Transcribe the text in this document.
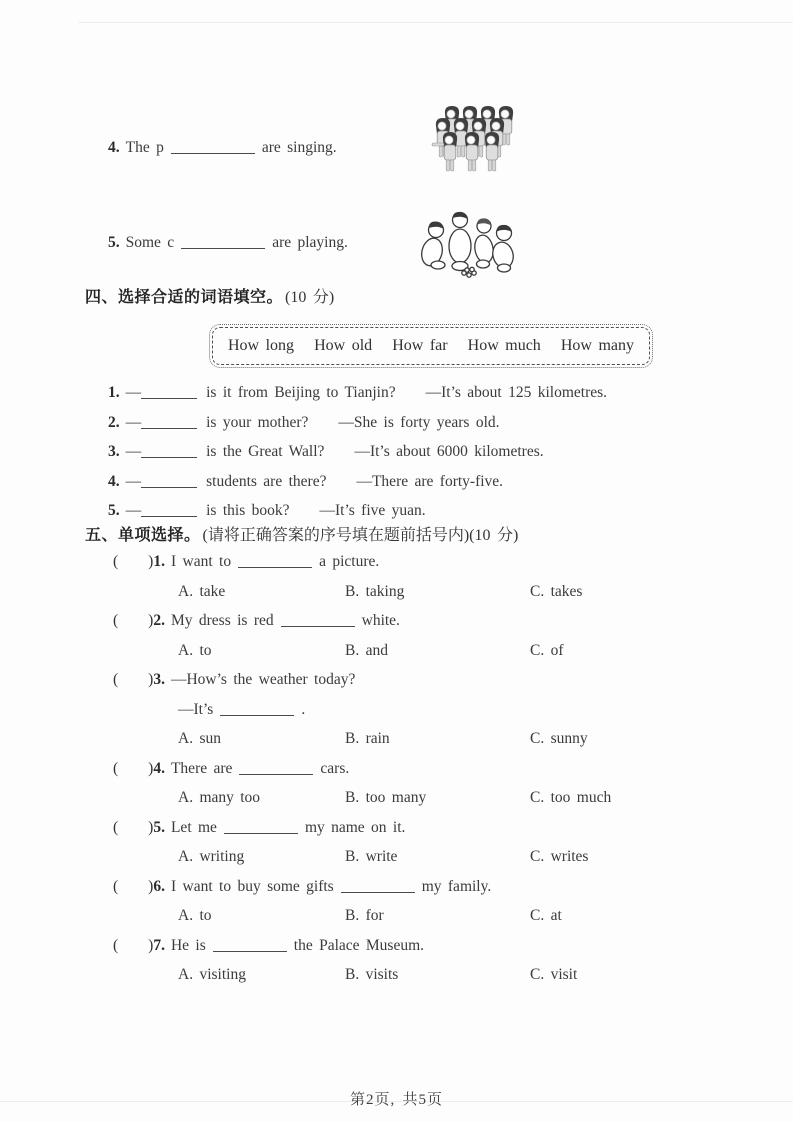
4. The p	are singing.
5. Some c	are playing.
四、选择合适的词语填空。 (10 分)
How long How old How far How much How many
1. —	is it from Beijing to Tianjin? —It’s about 125 kilometres.
2. —	is your mother? —She is forty years old.
3. —	is the Great Wall? —It’s about 6000 kilometres.
4. —	students are there? —There are forty-five.
5. —	is this book? —It’s five yuan.
五、单项选择。 (请将正确答案的序号填在题前括号内)(10 分)
( )1. I want to	a picture.
A. take	B. taking	C. takes
( )2. My dress is red	white.
A. to	B. and	C. of
( )3. —How’s the weather today?
—It’s	.
A. sun	B. rain	C. sunny
( )4. There are	cars.
A. many too	B. too many	C. too much
( )5. Let me	my name on it.
A. writing	B. write	C. writes
( )6. I want to buy some gifts	my family.
A. to	B. for	C. at
( )7. He is	the Palace Museum.
A. visiting	B. visits	C. visit
第2页, 共5页
